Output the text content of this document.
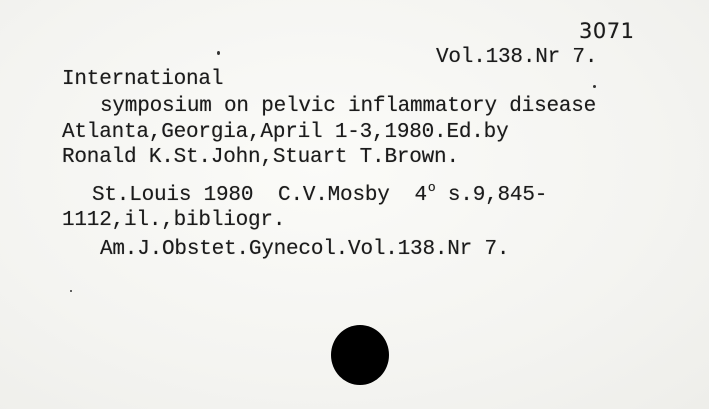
3071
Vol.138.Nr 7.
International
symposium on pelvic inflammatory disease
Atlanta,Georgia,April 1-3,1980.Ed.by
Ronald K.St.John,Stuart T.Brown.
St.Louis 1980 C.V.Mosby 4$^o$ s.9,845-
1112,il.,bibliogr.
Am.J.Obstet.Gynecol.Vol.138.Nr 7.
